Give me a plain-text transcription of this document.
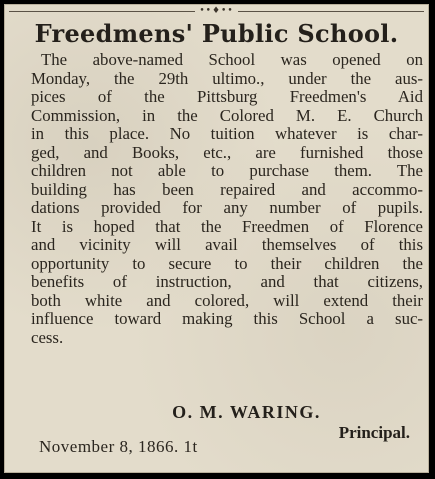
••♦••
Freedmens' Public School.
The above-named School was opened on
Monday, the 29th ultimo., under the aus-
pices of the Pittsburg Freedmen's Aid
Commission, in the Colored M. E. Church
in this place. No tuition whatever is char-
ged, and Books, etc., are furnished those
children not able to purchase them. The
building has been repaired and accommo-
dations provided for any number of pupils.
It is hoped that the Freedmen of Florence
and vicinity will avail themselves of this
opportunity to secure to their children the
benefits of instruction, and that citizens,
both white and colored, will extend their
influence toward making this School a suc-
cess.
O. M. WARING.
Principal.
November 8, 1866. 1t
